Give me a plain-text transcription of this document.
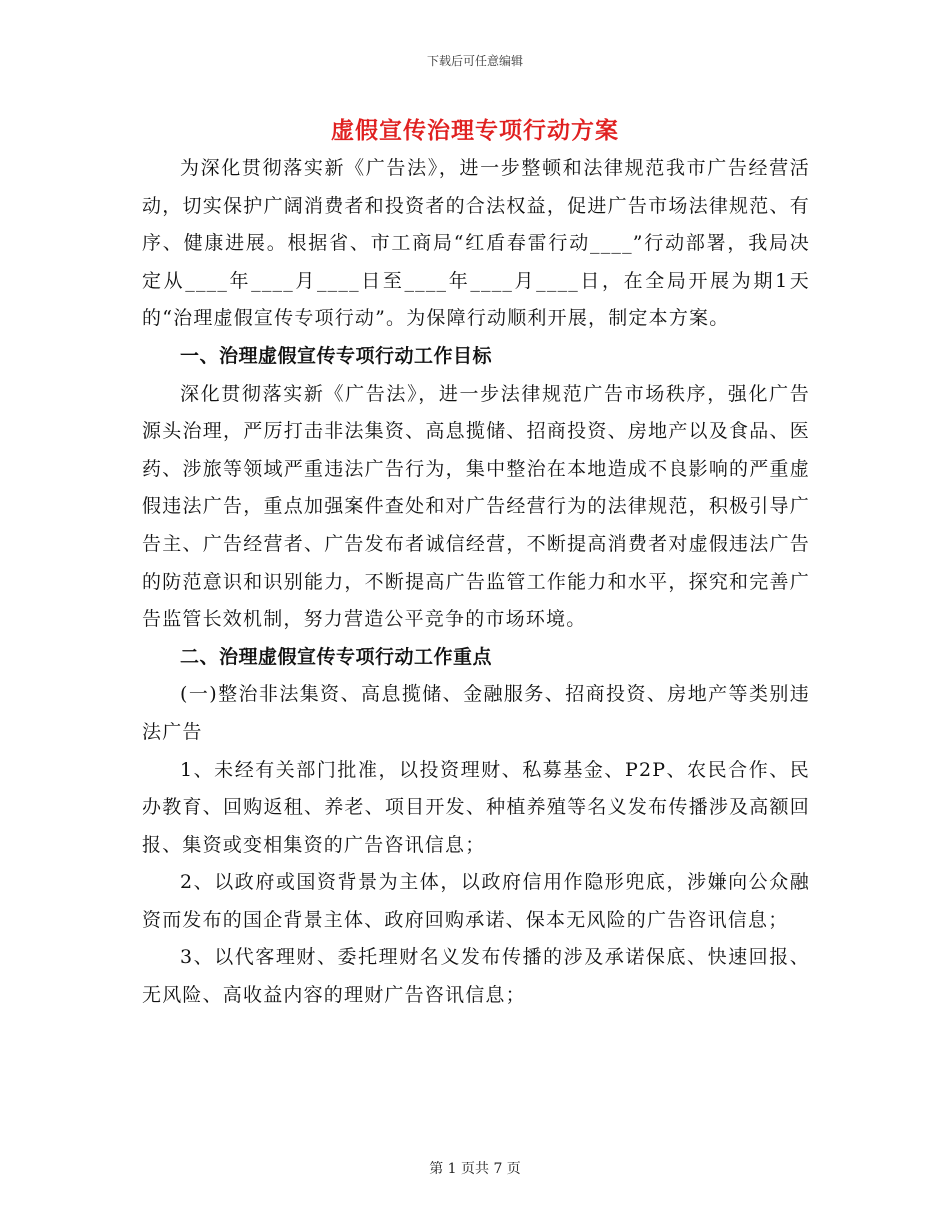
下载后可任意编辑
虚假宣传治理专项行动方案

为深化贯彻落实新《广告法》，进一步整顿和法律规范我市广告经营活动，切实保护广阔消费者和投资者的合法权益，促进广告市场法律规范、有序、健康进展。根据省、市工商局“红盾春雷行动____”行动部署，我局决定从____年____月____日至____年____月____日，在全局开展为期1天的“治理虚假宣传专项行动”。为保障行动顺利开展，制定本方案。

一、治理虚假宣传专项行动工作目标

深化贯彻落实新《广告法》，进一步法律规范广告市场秩序，强化广告源头治理，严厉打击非法集资、高息揽储、招商投资、房地产以及食品、医药、涉旅等领域严重违法广告行为，集中整治在本地造成不良影响的严重虚假违法广告，重点加强案件查处和对广告经营行为的法律规范，积极引导广告主、广告经营者、广告发布者诚信经营，不断提高消费者对虚假违法广告的防范意识和识别能力，不断提高广告监管工作能力和水平，探究和完善广告监管长效机制，努力营造公平竞争的市场环境。

二、治理虚假宣传专项行动工作重点

(一)整治非法集资、高息揽储、金融服务、招商投资、房地产等类别违法广告

1、未经有关部门批准，以投资理财、私募基金、P2P、农民合作、民办教育、回购返租、养老、项目开发、种植养殖等名义发布传播涉及高额回报、集资或变相集资的广告咨讯信息；

2、以政府或国资背景为主体，以政府信用作隐形兜底，涉嫌向公众融资而发布的国企背景主体、政府回购承诺、保本无风险的广告咨讯信息；

3、以代客理财、委托理财名义发布传播的涉及承诺保底、快速回报、无风险、高收益内容的理财广告咨讯信息；

第 1 页共 7 页
